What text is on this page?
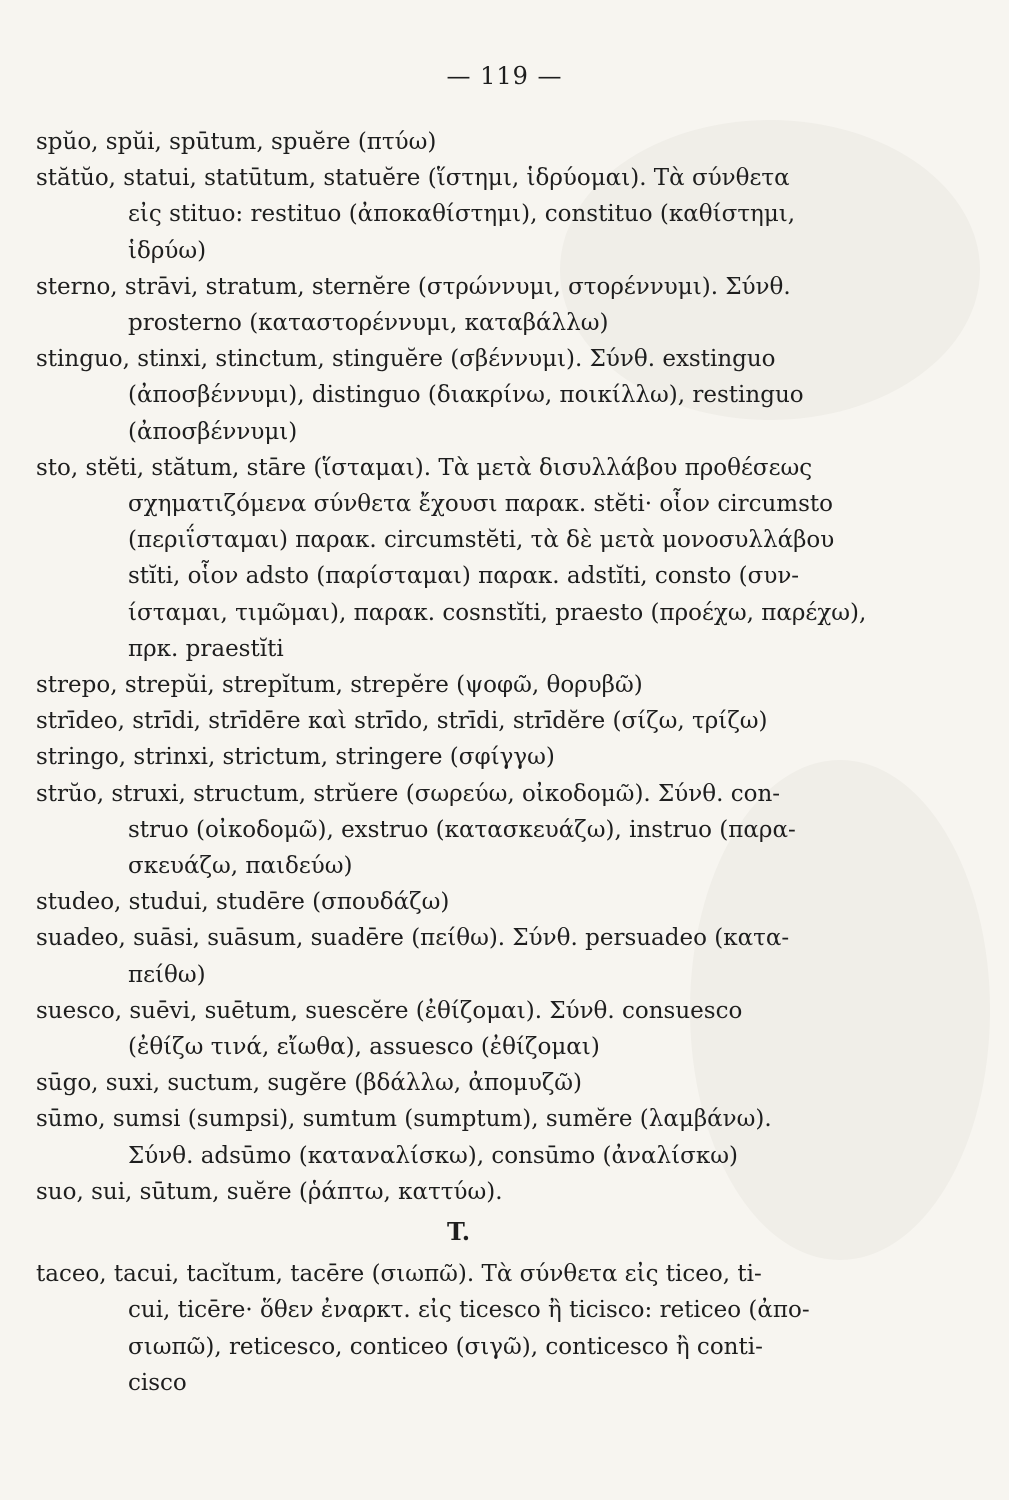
— 119 —
spŭo, spŭi, spūtum, spuĕre (πτύω)
stătŭo, statui, statūtum, statuĕre (ἵστημι, ἱδρύομαι). Τὰ σύνθετα
εἰς stituo: restituo (ἀποκαθίστημι), constituo (καθίστημι,
ἱδρύω)
sterno, strāvi, stratum, sternĕre (στρώννυμι, στορέννυμι). Σύνθ.
prosterno (καταστορέννυμι, καταβάλλω)
stinguo, stinxi, stinctum, stinguĕre (σβέννυμι). Σύνθ. exstinguo
(ἀποσβέννυμι), distinguo (διακρίνω, ποικίλλω), restinguo
(ἀποσβέννυμι)
sto, stĕti, stătum, stāre (ἵσταμαι). Τὰ μετὰ δισυλλάβου προθέσεως
σχηματιζόμενα σύνθετα ἔχουσι παρακ. stĕti· οἷον circumsto
(περιΐσταμαι) παρακ. circumstĕti, τὰ δὲ μετὰ μονοσυλλάβου
stĭti, οἷον adsto (παρίσταμαι) παρακ. adstĭti, consto (συν-
ίσταμαι, τιμῶμαι), παρακ. cosnstĭti, praesto (προέχω, παρέχω),
πρκ. praestĭti
strepo, strepŭi, strepĭtum, strepĕre (ψοφῶ, θορυβῶ)
strīdeo, strīdi, strīdēre καὶ strīdo, strīdi, strīdĕre (σίζω, τρίζω)
stringo, strinxi, strictum, stringere (σφίγγω)
strŭo, struxi, structum, strŭere (σωρεύω, οἰκοδομῶ). Σύνθ. con-
struo (οἰκοδομῶ), exstruo (κατασκευάζω), instruo (παρα-
σκευάζω, παιδεύω)
studeo, studui, studēre (σπουδάζω)
suadeo, suāsi, suāsum, suadēre (πείθω). Σύνθ. persuadeo (κατα-
πείθω)
suesco, suēvi, suētum, suescĕre (ἐθίζομαι). Σύνθ. consuesco
(ἐθίζω τινά, εἴωθα), assuesco (ἐθίζομαι)
sūgo, suxi, suctum, sugĕre (βδάλλω, ἀπομυζῶ)
sūmo, sumsi (sumpsi), sumtum (sumptum), sumĕre (λαμβάνω).
Σύνθ. adsūmo (καταναλίσκω), consūmo (ἀναλίσκω)
suo, sui, sūtum, suĕre (ῥάπτω, καττύω).
T.
taceo, tacui, tacĭtum, tacēre (σιωπῶ). Τὰ σύνθετα εἰς ticeo, ti-
cui, ticēre· ὅθεν ἐναρκτ. εἰς ticesco ἢ ticisco: reticeo (ἀπο-
σιωπῶ), reticesco, conticeo (σιγῶ), conticesco ἢ conti-
cisco
